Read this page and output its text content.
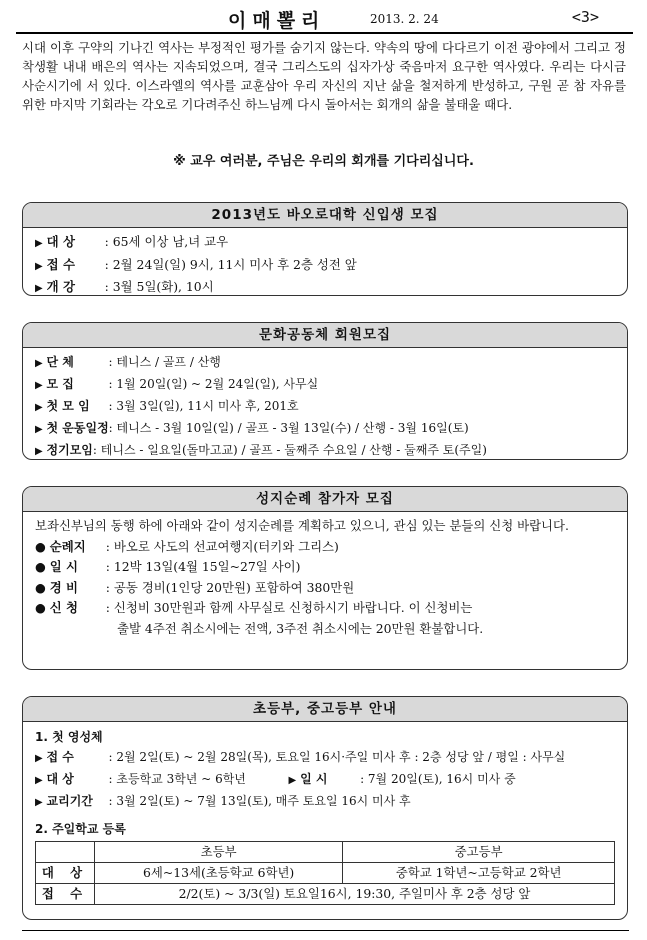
이매뽈리	2013. 2. 24	<3>

시대 이후 구약의 기나긴 역사는 부정적인 평가를 숨기지 않는다. 약속의 땅에 다다르기 이전 광야에서 그리고 정착생활 내내 배은의 역사는 지속되었으며, 결국 그리스도의 십자가상 죽음마저 요구한 역사였다. 우리는 다시금 사순시기에 서 있다. 이스라엘의 역사를 교훈삼아 우리 자신의 지난 삶을 철저하게 반성하고, 구원 곧 참 자유를 위한 마지막 기회라는 각오로 기다려주신 하느님께 다시 돌아서는 회개의 삶을 불태울 때다.

※ 교우 여러분, 주님은 우리의 회개를 기다리십니다.
2013년도 바오로대학 신입생 모집
▶ 대 상 : 65세 이상 남,녀 교우
▶ 접 수 : 2월 24일(일) 9시, 11시 미사 후 2층 성전 앞
▶ 개 강 : 3월 5일(화), 10시
문화공동체 회원모집
▶ 단 체	: 테니스 / 골프 / 산행
▶ 모 집	: 1월 20일(일) ~ 2월 24일(일), 사무실
▶ 첫 모 임 : 3월 3일(일), 11시 미사 후, 201호
▶ 첫 운동일정: 테니스 - 3월 10일(일) / 골프 - 3월 13일(수) / 산행 - 3월 16일(토)
▶ 정기모임: 테니스 - 일요일(돌마고교) / 골프 - 둘째주 수요일 / 산행 - 둘째주 토(주일)
성지순례 참가자 모집
보좌신부님의 동행 하에 아래와 같이 성지순례를 계획하고 있으니, 관심 있는 분들의 신청 바랍니다.
● 순례지 : 바오로 사도의 선교여행지(터키와 그리스)
● 일 시 : 12박 13일(4월 15일~27일 사이)
● 경 비 : 공동 경비(1인당 20만원) 포함하여 380만원
● 신 청 : 신청비 30만원과 함께 사무실로 신청하시기 바랍니다. 이 신청비는
출발 4주전 취소시에는 전액, 3주전 취소시에는 20만원 환불합니다.
초등부, 중고등부 안내
1. 첫 영성체
▶ 접 수	: 2월 2일(토) ~ 2월 28일(목), 토요일 16시·주일 미사 후 : 2층 성당 앞 / 평일 : 사무실
▶ 대 상	: 초등학교 3학년 ~ 6학년	▶ 일 시	: 7월 20일(토), 16시 미사 중
▶ 교리기간 : 3월 2일(토) ~ 7월 13일(토), 매주 토요일 16시 미사 후
2. 주일학교 등록
	초등부	중고등부
대 상	6세~13세(초등학교 6학년)	중학교 1학년~고등학교 2학년
접 수	2/2(토) ~ 3/3(일) 토요일16시, 19:30, 주일미사 후 2층 성당 앞	
